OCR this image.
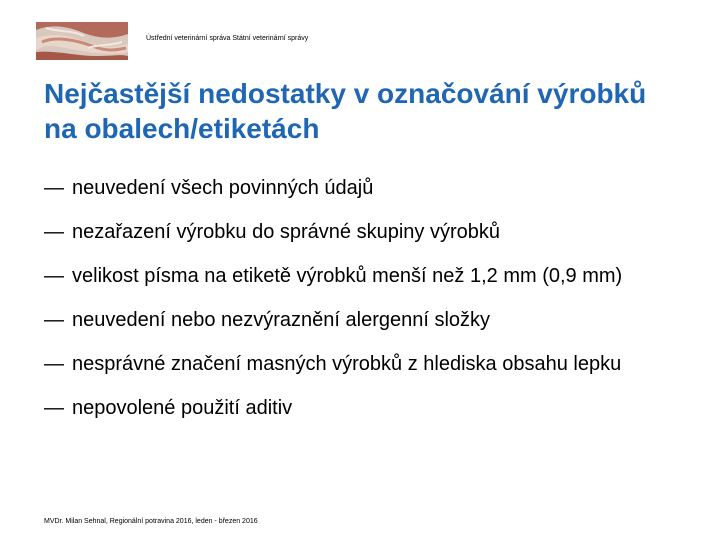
Ústřední veterinární správa Státní veterinární správy
Nejčastější nedostatky v označování výrobků na obalech/etiketách
— neuvedení všech povinných údajů
— nezařazení výrobku do správné skupiny výrobků
— velikost písma na etiketě výrobků menší než 1,2 mm (0,9 mm)
— neuvedení nebo nezvýraznění alergenní složky
— nesprávné značení masných výrobků z hlediska obsahu lepku
— nepovolené použití aditiv
MVDr. Milan Sehnal, Regionální potravina 2016, leden - březen 2016
